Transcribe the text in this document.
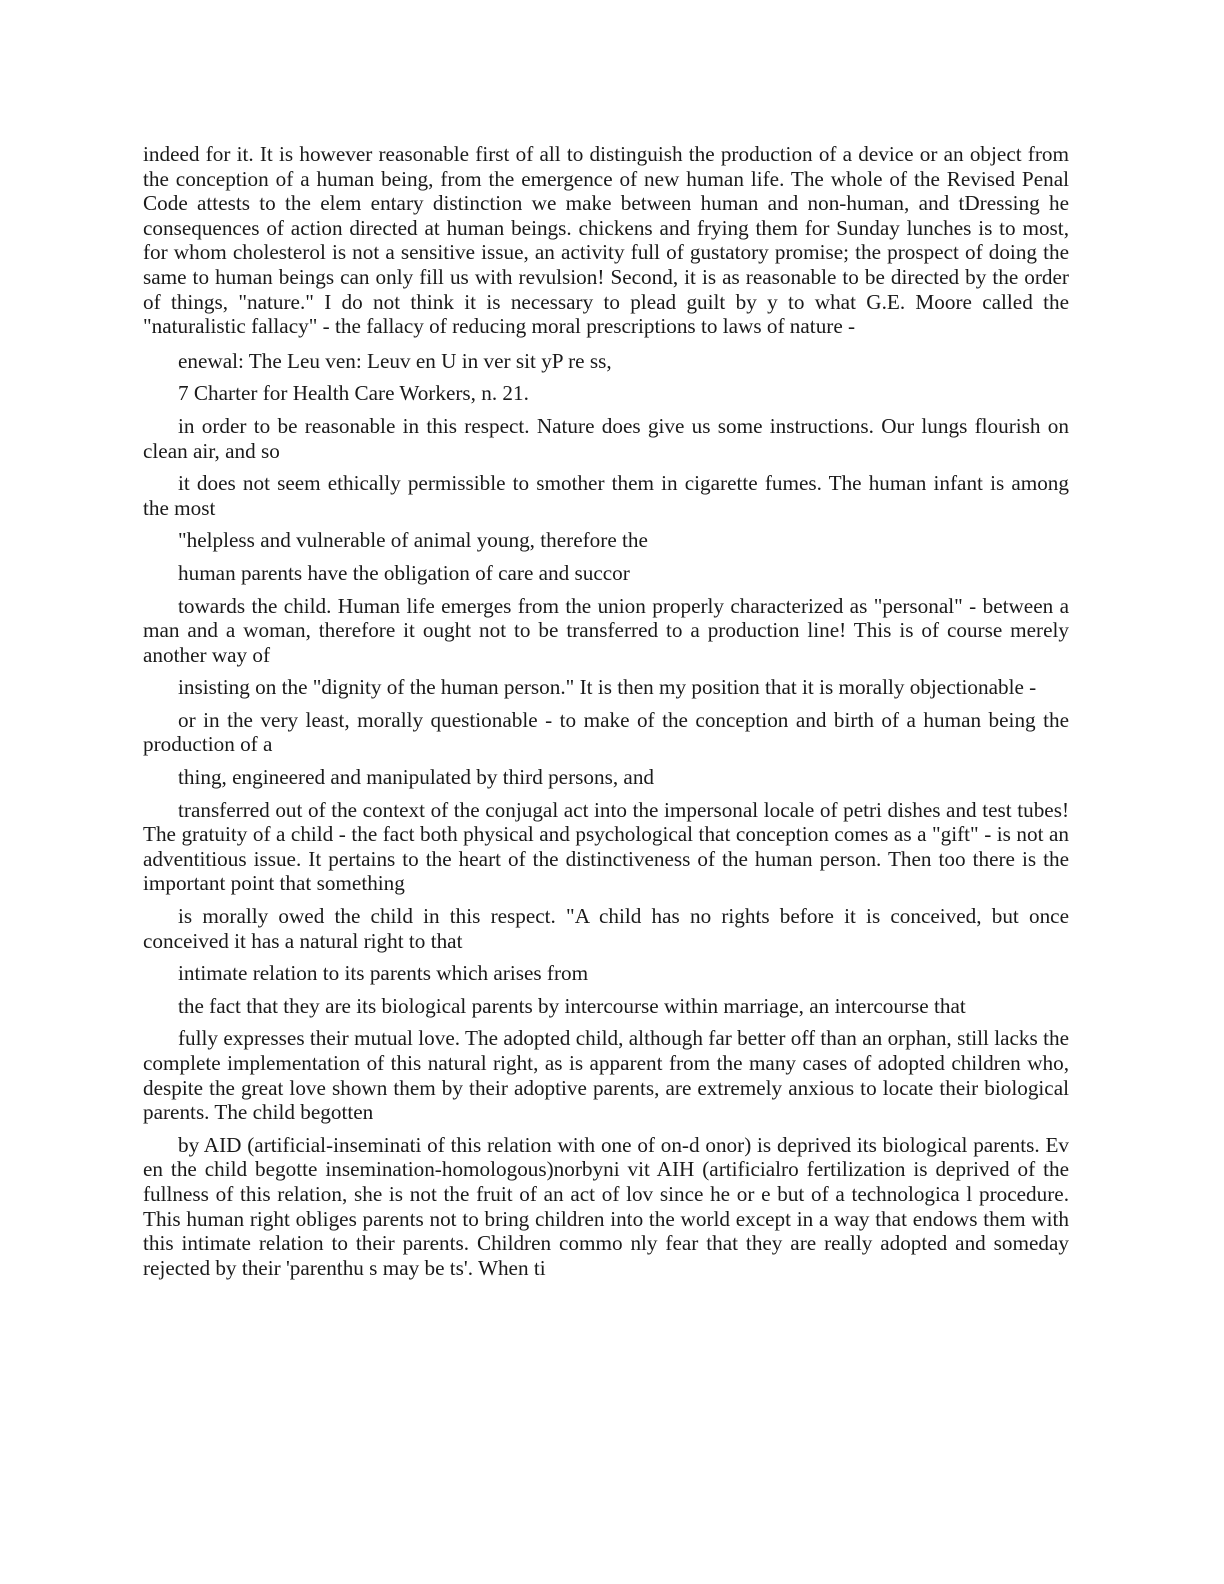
indeed for it. It is however reasonable first of all to distinguish the production of a device or an object from the conception of a human being, from the emergence of new human life. The whole of the Revised Penal Code attests to the elem entary distinction we make between human and non-human, and tDressing he consequences of action directed at human beings. chickens and frying them for Sunday lunches is to most, for whom cholesterol is not a sensitive issue, an activity full of gustatory promise; the prospect of doing the same to human beings can only fill us with revulsion! Second, it is as reasonable to be directed by the order of things, "nature." I do not think it is necessary to plead guilt by y to what G.E. Moore called the "naturalistic fallacy" - the fallacy of reducing moral prescriptions to laws of nature -

enewal: The Leu ven: Leuv en U in ver sit yP re ss,

7 Charter for Health Care Workers, n. 21.

in order to be reasonable in this respect. Nature does give us some instructions. Our lungs flourish on clean air, and so

it does not seem ethically permissible to smother them in cigarette fumes. The human infant is among the most

"helpless and vulnerable of animal young, therefore the

human parents have the obligation of care and succor

towards the child. Human life emerges from the union properly characterized as "personal" - between a man and a woman, therefore it ought not to be transferred to a production line! This is of course merely another way of

insisting on the "dignity of the human person." It is then my position that it is morally objectionable -

or in the very least, morally questionable - to make of the conception and birth of a human being the production of a

thing, engineered and manipulated by third persons, and

transferred out of the context of the conjugal act into the impersonal locale of petri dishes and test tubes! The gratuity of a child - the fact both physical and psychological that conception comes as a "gift" - is not an adventitious issue. It pertains to the heart of the distinctiveness of the human person. Then too there is the important point that something

is morally owed the child in this respect. "A child has no rights before it is conceived, but once conceived it has a natural right to that

intimate relation to its parents which arises from

the fact that they are its biological parents by intercourse within marriage, an intercourse that

fully expresses their mutual love. The adopted child, although far better off than an orphan, still lacks the complete implementation of this natural right, as is apparent from the many cases of adopted children who, despite the great love shown them by their adoptive parents, are extremely anxious to locate their biological parents. The child begotten

by AID (artificial-inseminati of this relation with one of on-d onor) is deprived its biological parents. Ev en the child begotte insemination-homologous)norbyni vit AIH (artificialro fertilization is deprived of the fullness of this relation, she is not the fruit of an act of lov since he or e but of a technologica l procedure. This human right obliges parents not to bring children into the world except in a way that endows them with this intimate relation to their parents. Children commo nly fear that they are really adopted and someday rejected by their 'parenthu s may be ts'. When ti
